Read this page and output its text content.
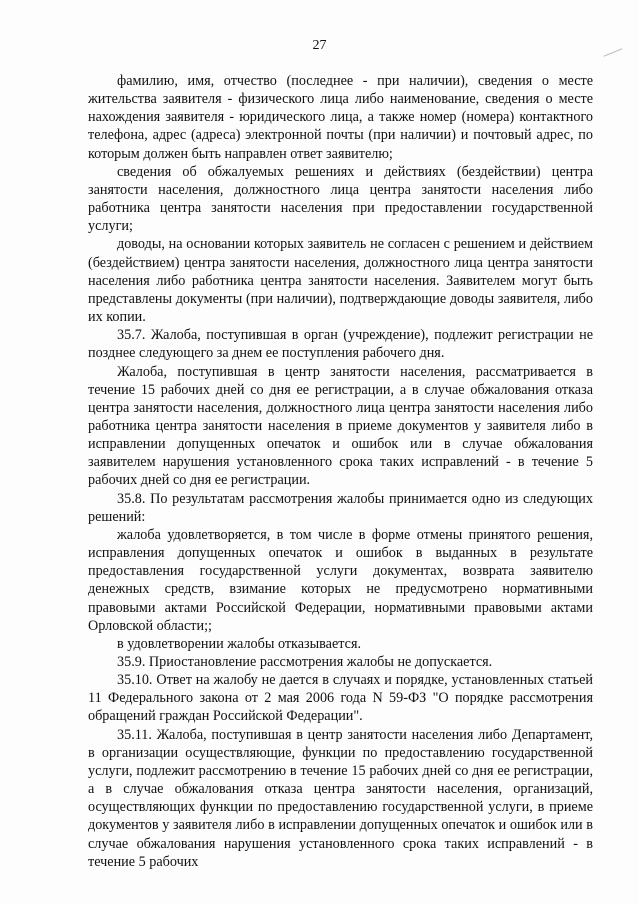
27

фамилию, имя, отчество (последнее - при наличии), сведения о месте жительства заявителя - физического лица либо наименование, сведения о месте нахождения заявителя - юридического лица, а также номер (номера) контактного телефона, адрес (адреса) электронной почты (при наличии) и почтовый адрес, по которым должен быть направлен ответ заявителю;

сведения об обжалуемых решениях и действиях (бездействии) центра занятости населения, должностного лица центра занятости населения либо работника центра занятости населения при предоставлении государственной услуги;

доводы, на основании которых заявитель не согласен с решением и действием (бездействием) центра занятости населения, должностного лица центра занятости населения либо работника центра занятости населения. Заявителем могут быть представлены документы (при наличии), подтверждающие доводы заявителя, либо их копии.

35.7. Жалоба, поступившая в орган (учреждение), подлежит регистрации не позднее следующего за днем ее поступления рабочего дня.

Жалоба, поступившая в центр занятости населения, рассматривается в течение 15 рабочих дней со дня ее регистрации, а в случае обжалования отказа центра занятости населения, должностного лица центра занятости населения либо работника центра занятости населения в приеме документов у заявителя либо в исправлении допущенных опечаток и ошибок или в случае обжалования заявителем нарушения установленного срока таких исправлений - в течение 5 рабочих дней со дня ее регистрации.

35.8. По результатам рассмотрения жалобы принимается одно из следующих решений:

жалоба удовлетворяется, в том числе в форме отмены принятого решения, исправления допущенных опечаток и ошибок в выданных в результате предоставления государственной услуги документах, возврата заявителю денежных средств, взимание которых не предусмотрено нормативными правовыми актами Российской Федерации, нормативными правовыми актами Орловской области;;

в удовлетворении жалобы отказывается.

35.9. Приостановление рассмотрения жалобы не допускается.

35.10. Ответ на жалобу не дается в случаях и порядке, установленных статьей 11 Федерального закона от 2 мая 2006 года N 59-ФЗ "О порядке рассмотрения обращений граждан Российской Федерации".

35.11. Жалоба, поступившая в центр занятости населения либо Департамент, в организации осуществляющие, функции по предоставлению государственной услуги, подлежит рассмотрению в течение 15 рабочих дней со дня ее регистрации, а в случае обжалования отказа центра занятости населения, организаций, осуществляющих функции по предоставлению государственной услуги, в приеме документов у заявителя либо в исправлении допущенных опечаток и ошибок или в случае обжалования нарушения установленного срока таких исправлений - в течение 5 рабочих
